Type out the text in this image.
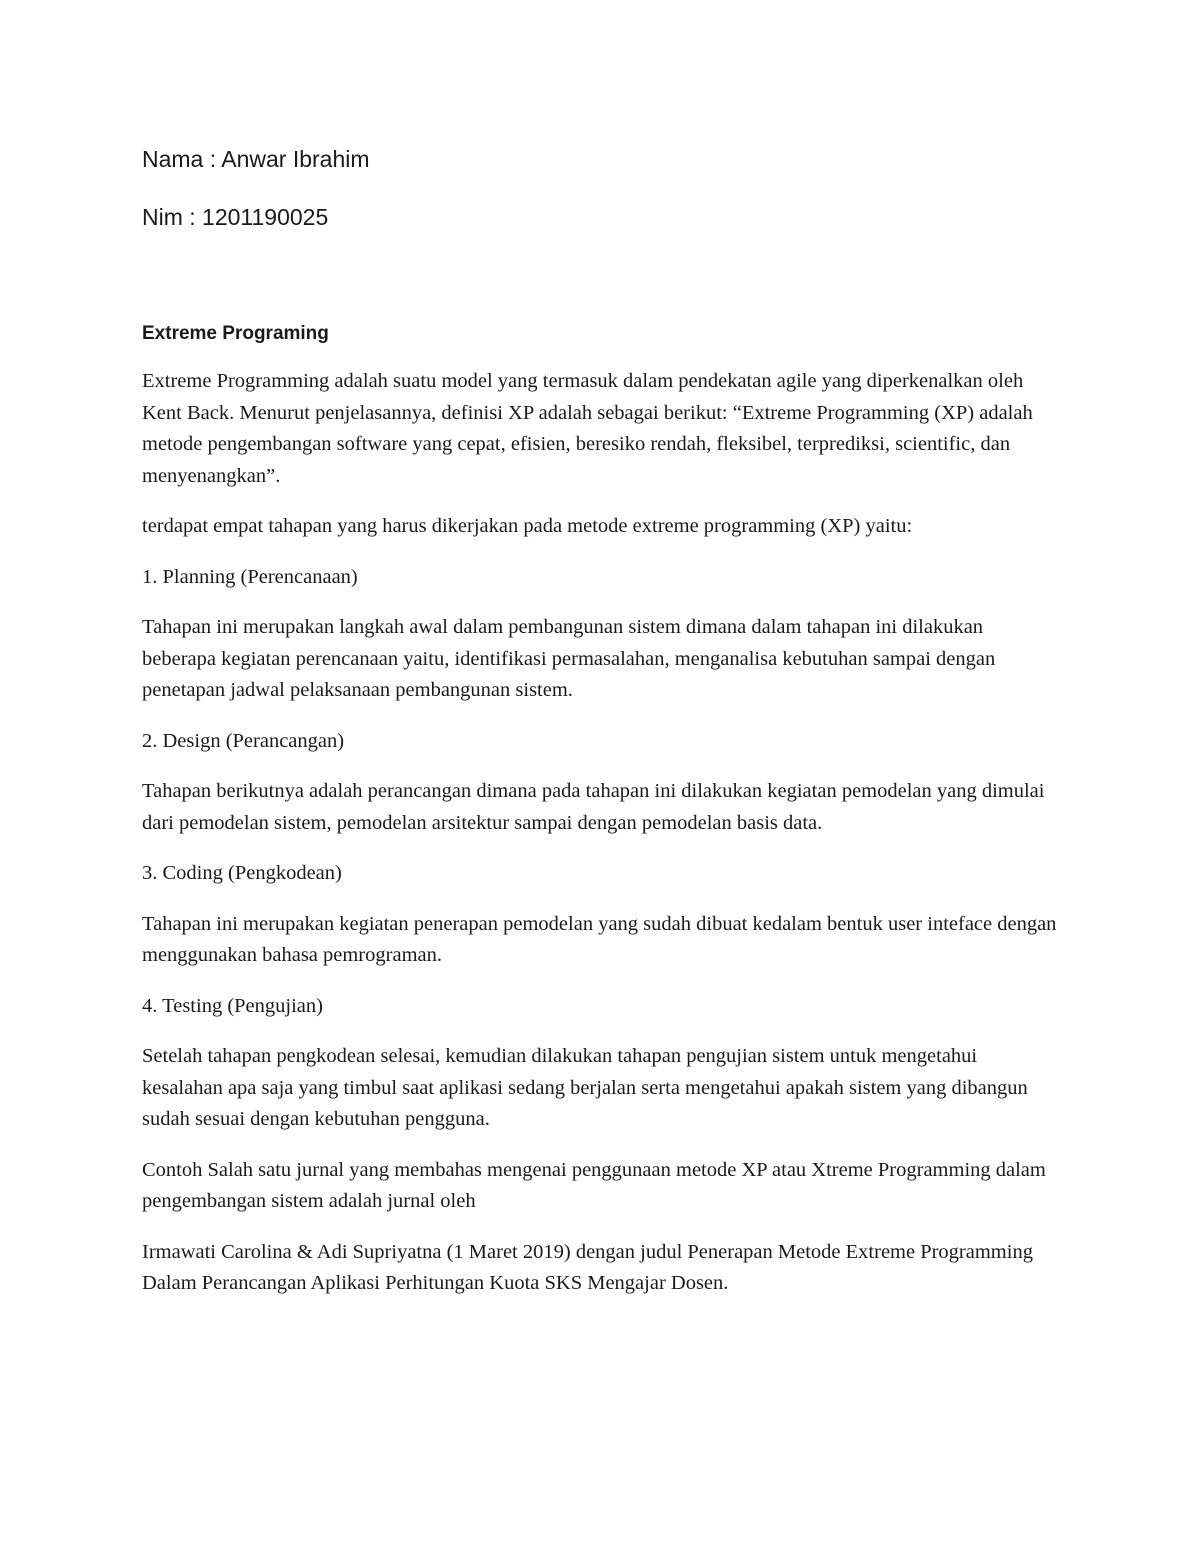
Nama : Anwar Ibrahim

Nim : 1201190025

Extreme Programing

Extreme Programming adalah suatu model yang termasuk dalam pendekatan agile yang diperkenalkan oleh Kent Back. Menurut penjelasannya, definisi XP adalah sebagai berikut: “Extreme Programming (XP) adalah metode pengembangan software yang cepat, efisien, beresiko rendah, fleksibel, terprediksi, scientific, dan menyenangkan”.

terdapat empat tahapan yang harus dikerjakan pada metode extreme programming (XP) yaitu:

1. Planning (Perencanaan)

Tahapan ini merupakan langkah awal dalam pembangunan sistem dimana dalam tahapan ini dilakukan beberapa kegiatan perencanaan yaitu, identifikasi permasalahan, menganalisa kebutuhan sampai dengan penetapan jadwal pelaksanaan pembangunan sistem.

2. Design (Perancangan)

Tahapan berikutnya adalah perancangan dimana pada tahapan ini dilakukan kegiatan pemodelan yang dimulai dari pemodelan sistem, pemodelan arsitektur sampai dengan pemodelan basis data.

3. Coding (Pengkodean)

Tahapan ini merupakan kegiatan penerapan pemodelan yang sudah dibuat kedalam bentuk user inteface dengan menggunakan bahasa pemrograman.

4. Testing (Pengujian)

Setelah tahapan pengkodean selesai, kemudian dilakukan tahapan pengujian sistem untuk mengetahui kesalahan apa saja yang timbul saat aplikasi sedang berjalan serta mengetahui apakah sistem yang dibangun sudah sesuai dengan kebutuhan pengguna.

Contoh Salah satu jurnal yang membahas mengenai penggunaan metode XP atau Xtreme Programming dalam pengembangan sistem adalah jurnal oleh

Irmawati Carolina & Adi Supriyatna (1 Maret 2019) dengan judul Penerapan Metode Extreme Programming Dalam Perancangan Aplikasi Perhitungan Kuota SKS Mengajar Dosen.
